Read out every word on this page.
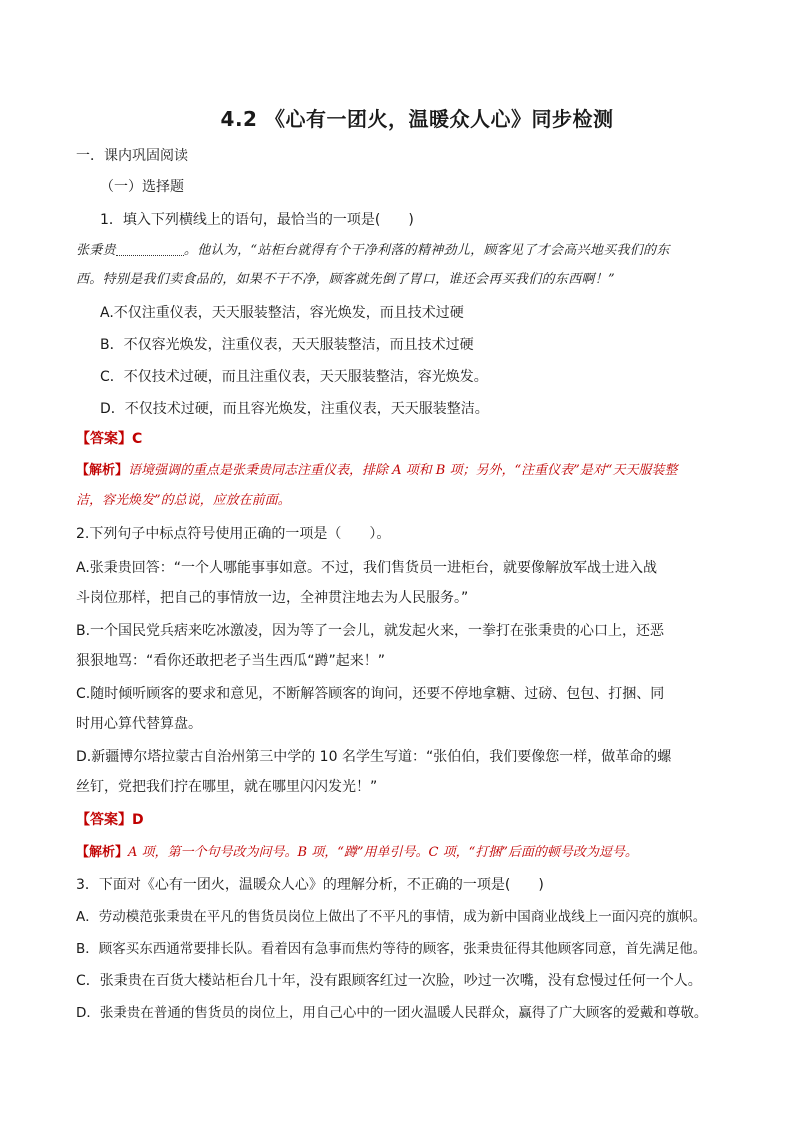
4.2 《心有一团火，温暖众人心》同步检测
一．课内巩固阅读
（一）选择题
1．填入下列横线上的语句，最恰当的一项是(　　)
张秉贵	。他认为，“站柜台就得有个干净利落的精神劲儿，顾客见了才会高兴地买我们的东
西。特别是我们卖食品的，如果不干不净，顾客就先倒了胃口，谁还会再买我们的东西啊！”
A.不仅注重仪表，天天服装整洁，容光焕发，而且技术过硬
B．不仅容光焕发，注重仪表，天天服装整洁，而且技术过硬
C．不仅技术过硬，而且注重仪表，天天服装整洁，容光焕发。
D．不仅技术过硬，而且容光焕发，注重仪表，天天服装整洁。
【答案】C
【解析】语境强调的重点是张秉贵同志注重仪表，排除 A 项和 B 项；另外，“注重仪表”是对“天天服装整
洁，容光焕发”的总说，应放在前面。
2.下列句子中标点符号使用正确的一项是（　　）。
A.张秉贵回答：“一个人哪能事事如意。不过，我们售货员一进柜台，就要像解放军战士进入战
斗岗位那样，把自己的事情放一边，全神贯注地去为人民服务。”
B.一个国民党兵痞来吃冰激凌，因为等了一会儿，就发起火来，一拳打在张秉贵的心口上，还恶
狠狠地骂：“看你还敢把老子当生西瓜“蹲”起来！”
C.随时倾听顾客的要求和意见，不断解答顾客的询问，还要不停地拿糖、过磅、包包、打捆、同
时用心算代替算盘。
D.新疆博尔塔拉蒙古自治州第三中学的 10 名学生写道：“张伯伯，我们要像您一样，做革命的螺
丝钉，党把我们拧在哪里，就在哪里闪闪发光！”
【答案】D
【解析】A 项，第一个句号改为问号。B 项，“蹲”用单引号。C 项，“打捆”后面的顿号改为逗号。
3．下面对《心有一团火，温暖众人心》的理解分析，不正确的一项是(　　)
A．劳动模范张秉贵在平凡的售货员岗位上做出了不平凡的事情，成为新中国商业战线上一面闪亮的旗帜。
B．顾客买东西通常要排长队。看着因有急事而焦灼等待的顾客，张秉贵征得其他顾客同意，首先满足他。
C．张秉贵在百货大楼站柜台几十年，没有跟顾客红过一次脸，吵过一次嘴，没有怠慢过任何一个人。
D．张秉贵在普通的售货员的岗位上，用自己心中的一团火温暖人民群众，赢得了广大顾客的爱戴和尊敬。
